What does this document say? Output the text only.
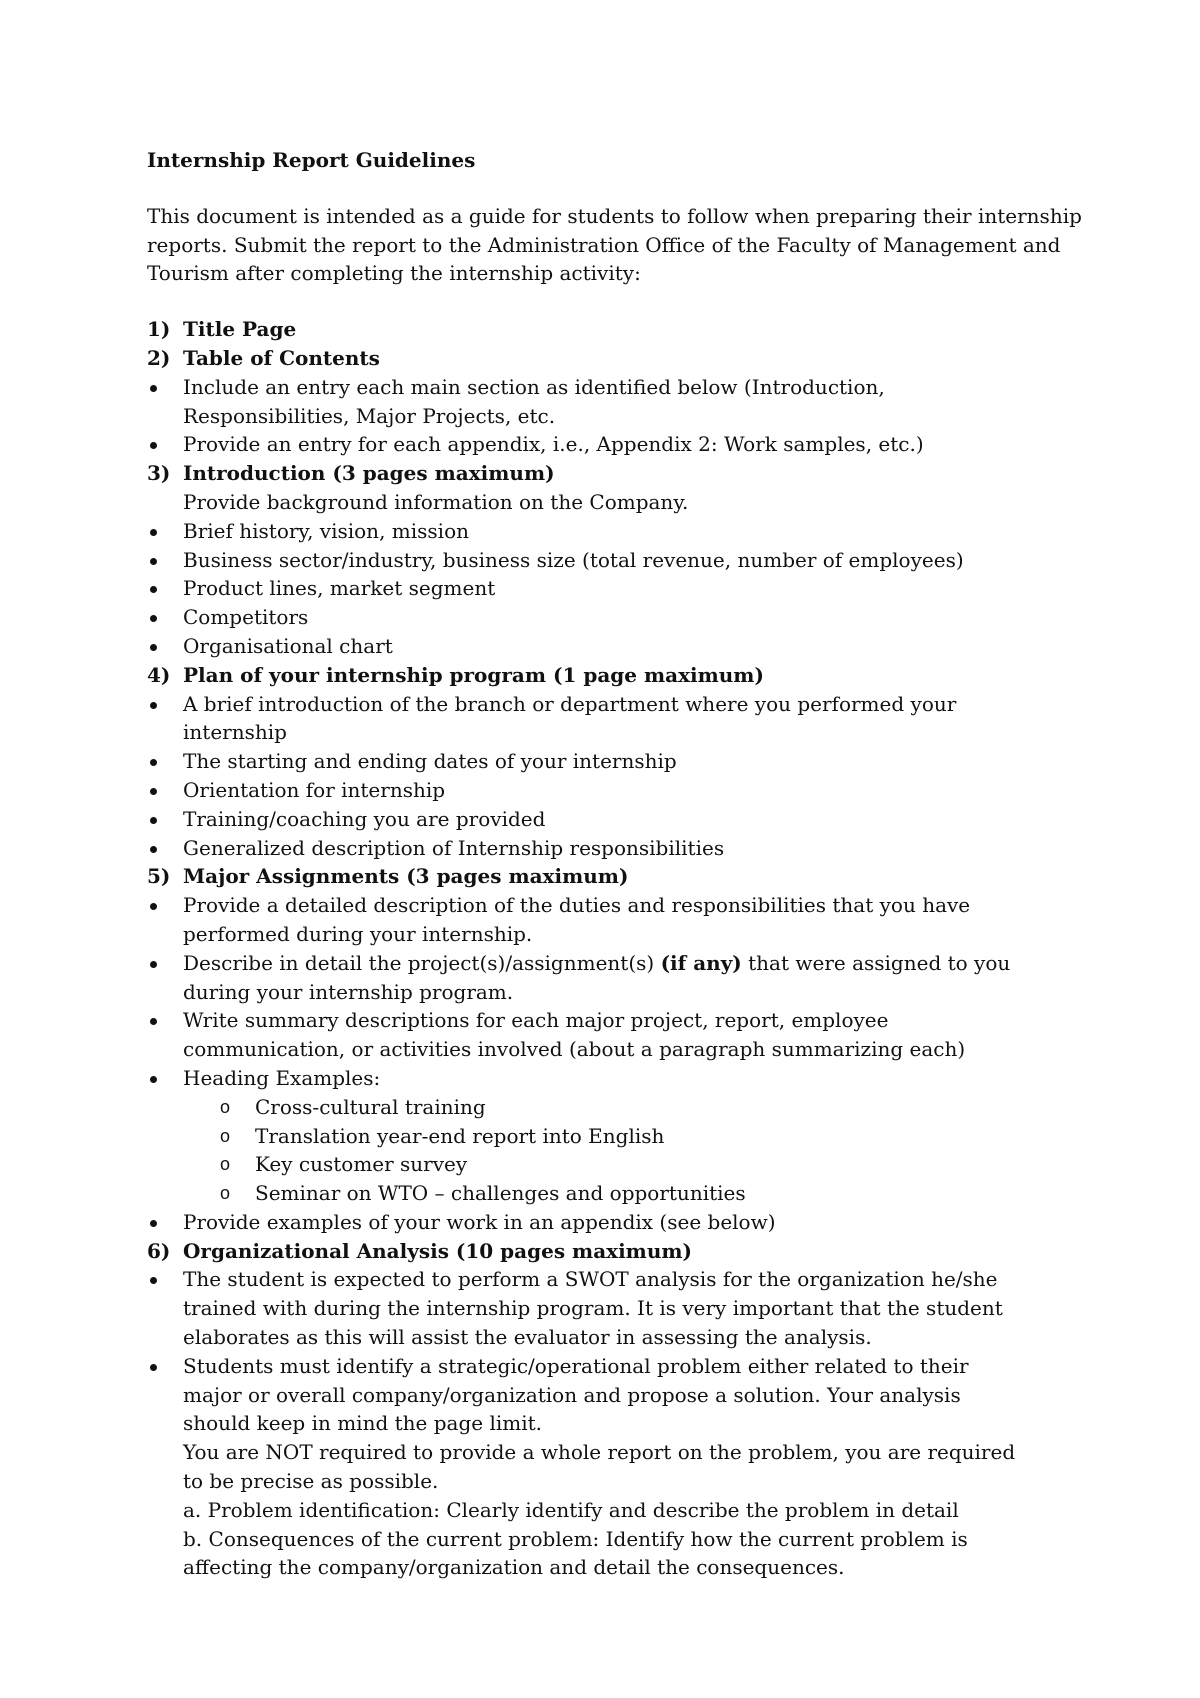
Internship Report Guidelines

This document is intended as a guide for students to follow when preparing their internship reports. Submit the report to the Administration Office of the Faculty of Management and Tourism after completing the internship activity:
1) Title Page
2) Table of Contents
Include an entry each main section as identified below (Introduction, Responsibilities, Major Projects, etc.
Provide an entry for each appendix, i.e., Appendix 2: Work samples, etc.)
3) Introduction (3 pages maximum)
Provide background information on the Company.
Brief history, vision, mission
Business sector/industry, business size (total revenue, number of employees)
Product lines, market segment
Competitors
Organisational chart
4) Plan of your internship program (1 page maximum)
A brief introduction of the branch or department where you performed your internship
The starting and ending dates of your internship
Orientation for internship
Training/coaching you are provided
Generalized description of Internship responsibilities
5) Major Assignments (3 pages maximum)
Provide a detailed description of the duties and responsibilities that you have performed during your internship.
Describe in detail the project(s)/assignment(s) (if any) that were assigned to you during your internship program.
Write summary descriptions for each major project, report, employee communication, or activities involved (about a paragraph summarizing each)
Heading Examples:
o Cross-cultural training
o Translation year-end report into English
o Key customer survey
o Seminar on WTO – challenges and opportunities
Provide examples of your work in an appendix (see below)
6) Organizational Analysis (10 pages maximum)
The student is expected to perform a SWOT analysis for the organization he/she trained with during the internship program. It is very important that the student elaborates as this will assist the evaluator in assessing the analysis.
Students must identify a strategic/operational problem either related to their major or overall company/organization and propose a solution. Your analysis should keep in mind the page limit.
You are NOT required to provide a whole report on the problem, you are required to be precise as possible.
a. Problem identification: Clearly identify and describe the problem in detail
b. Consequences of the current problem: Identify how the current problem is affecting the company/organization and detail the consequences.
